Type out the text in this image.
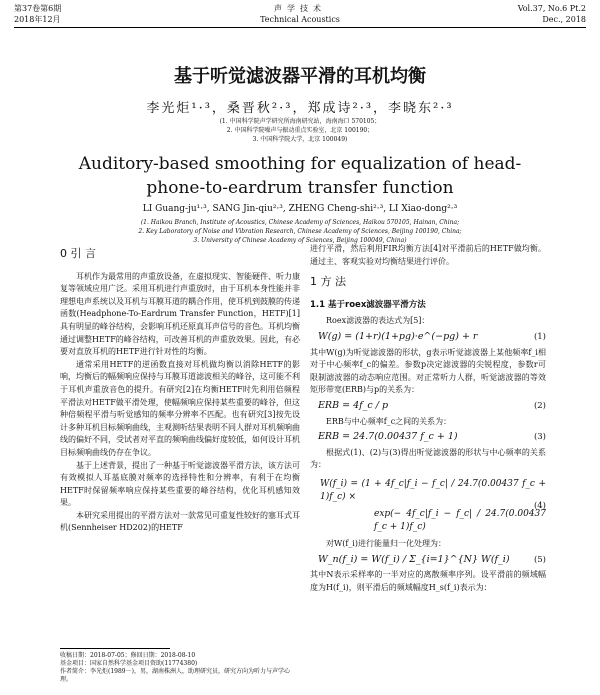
第37卷第6期
2018年12月
声学技术
Technical Acoustics
Vol.37, No.6 Pt.2
Dec., 2018
基于听觉滤波器平滑的耳机均衡
李光炬¹·³，桑晋秋²·³，郑成诗²·³，李晓东²·³
(1. 中国科学院声学研究所海南研究站，海南海口 570105；
2. 中国科学院噪声与振动重点实验室，北京 100190；
3. 中国科学院大学，北京 100049)
Auditory-based smoothing for equalization of head-phone-to-eardrum transfer function
LI Guang-ju¹·³, SANG Jin-qiu²·³, ZHENG Cheng-shi²·³, LI Xiao-dong²·³
(1. Haikou Branch, Institute of Acoustics, Chinese Academy of Sciences, Haikou 570105, Hainan, China;
2. Key Laboratory of Noise and Vibration Research, Chinese Academy of Sciences, Beijing 100190, China;
3. University of Chinese Academy of Sciences, Beijing 100049, China)
0 引 言

耳机作为最常用的声重放设备，在虚拟现实、智能硬件、听力康复等领域应用广泛。采用耳机进行声重放时，由于耳机本身性能并非理想电声系统以及耳机与耳膜耳道的耦合作用，使耳机到鼓膜的传递函数(Headphone-To-Eardrum Transfer Function，HETF)[1]具有明显的峰谷结构，会影响耳机还原真耳声信号的音色。耳机均衡通过调整HETF的峰谷结构，可改善耳机的声重放效果。因此，有必要对直放耳机的HETF进行针对性的均衡。

通常采用HETF的逆函数直接对耳机做均衡以消除HETF的影响，均衡后的幅频响应保持与耳膜耳道滤波相关的峰谷，这可能不利于耳机声重放音色的提升。有研究[2]在均衡HETF时先利用倍频程平滑法对HETF做平滑处理，使幅频响应保持某些重要的峰谷，但这种倍频程平滑与听觉感知的频率分辨率不匹配。也有研究[3]按先设计多种耳机目标频响曲线，主观测听结果表明不同人群对耳机频响曲线的偏好不同，受试者对平直的频响曲线偏好度较低，如何设计耳机目标频响曲线仍存在争议。

基于上述背景，提出了一种基于听觉滤波器平滑方法，该方法可有效模拟人耳基底膜对频率的选择特性和分辨率，有利于在均衡HETF时保留频率响应保持某些重要的峰谷结构，优化耳机感知效果。

本研究采用提出的平滑方法对一款常见可重复性较好的塞耳式耳机(Sennheiser HD202)的HETF

收稿日期：2018-07-05；修回日期：2018-08-10
基金项目：国家自然科学基金项目资助(11774380)
作者简介：李光炬(1989－)，男，湖南株洲人，助理研究员，研究方向为听力与声学心理。

进行平滑，然后利用FIR均衡方法[4]对平滑前后的HETF做均衡。通过主、客观实验对均衡结果进行评价。

1 方 法
1.1 基于roex滤波器平滑方法

Roex滤波器的表达式为[5]：

W(g) = (1+r)(1+pg)·e^(−pg) + r	(1)

其中W(g)为听觉滤波器的形状，g表示听觉滤波器上某他频率f_i相对于中心频率f_c的偏差。参数p决定滤波器的尖锐程度，参数r可限制滤波器的动态响应范围。对正常听力人群，听觉滤波器的等效矩形带宽(ERB)与p的关系为：

ERB = 4f_c / p	(2)

ERB与中心频率f_c之间的关系为：

ERB = 24.7(0.00437 f_c + 1)	(3)

根据式(1)、(2)与(3)得出听觉滤波器的形状与中心频率的关系为：

W(f_i) = (1 + 4f_c|f_i − f_c| / 24.7(0.00437 f_c + 1)f_c) ×
exp(− 4f_c|f_i − f_c| / 24.7(0.00437 f_c + 1)f_c)
(4)

对W(f_i)进行能量归一化处理为：

W_n(f_i) = W(f_i) / Σ_{i=1}^{N} W(f_i)	(5)

其中N表示采样率的一半对应的离散频率序列。设平滑前的频域幅度为H(f_i)，则平滑后的频域幅度H_s(f_i)表示为：
